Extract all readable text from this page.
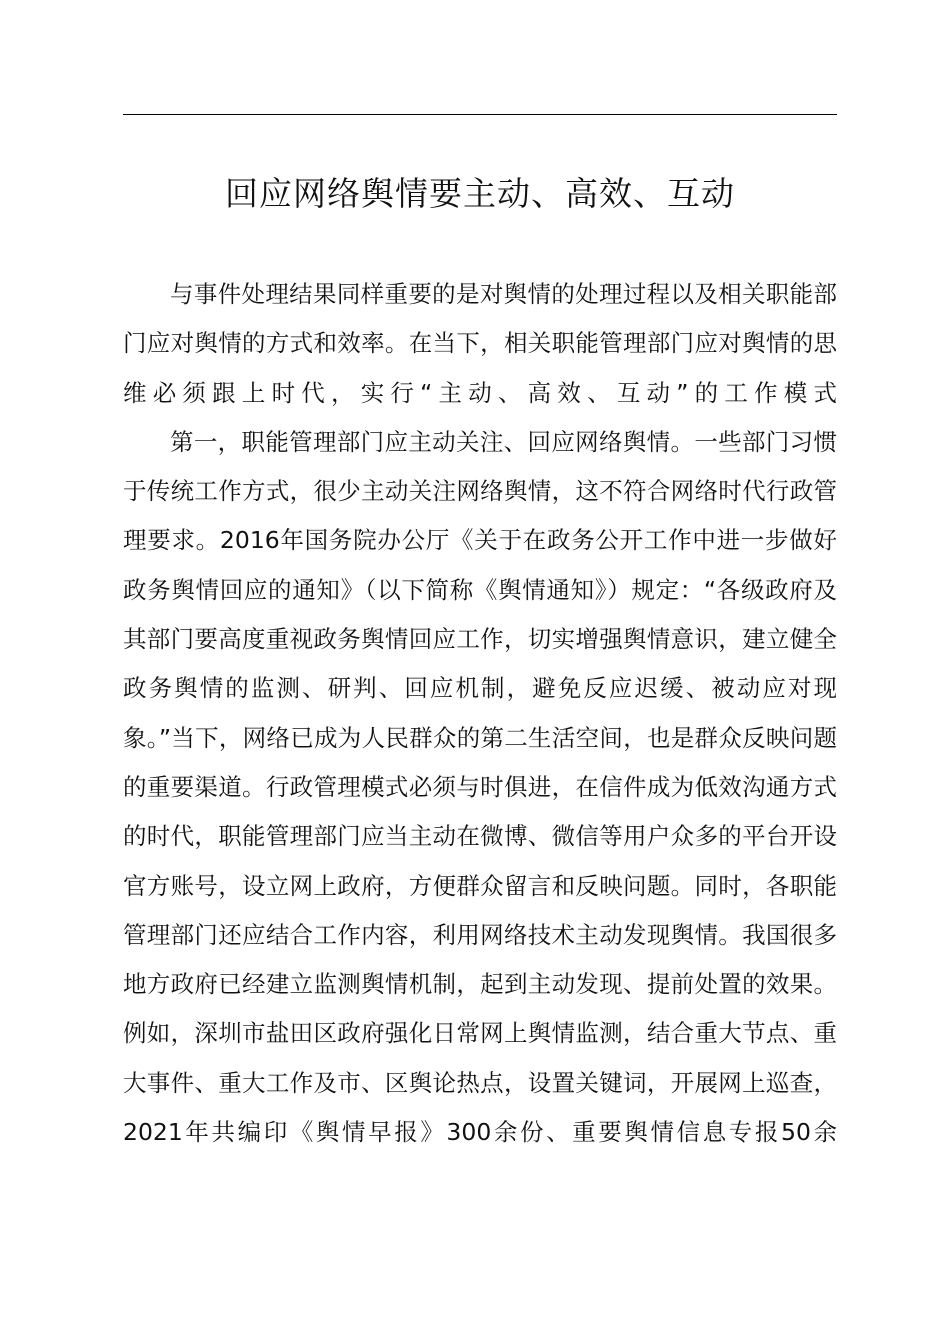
回应网络舆情要主动、高效、互动

与事件处理结果同样重要的是对舆情的处理过程以及相关职能部门应对舆情的方式和效率。在当下，相关职能管理部门应对舆情的思维必须跟上时代，实行“主动、高效、互动”的工作模式

第一，职能管理部门应主动关注、回应网络舆情。一些部门习惯于传统工作方式，很少主动关注网络舆情，这不符合网络时代行政管理要求。2016年国务院办公厅《关于在政务公开工作中进一步做好政务舆情回应的通知》（以下简称《舆情通知》）规定：“各级政府及其部门要高度重视政务舆情回应工作，切实增强舆情意识，建立健全政务舆情的监测、研判、回应机制，避免反应迟缓、被动应对现象。”当下，网络已成为人民群众的第二生活空间，也是群众反映问题的重要渠道。行政管理模式必须与时俱进，在信件成为低效沟通方式的时代，职能管理部门应当主动在微博、微信等用户众多的平台开设官方账号，设立网上政府，方便群众留言和反映问题。同时，各职能管理部门还应结合工作内容，利用网络技术主动发现舆情。我国很多地方政府已经建立监测舆情机制，起到主动发现、提前处置的效果。例如，深圳市盐田区政府强化日常网上舆情监测，结合重大节点、重大事件、重大工作及市、区舆论热点，设置关键词，开展网上巡查，2021年共编印《舆情早报》300余份、重要舆情信息专报50余
